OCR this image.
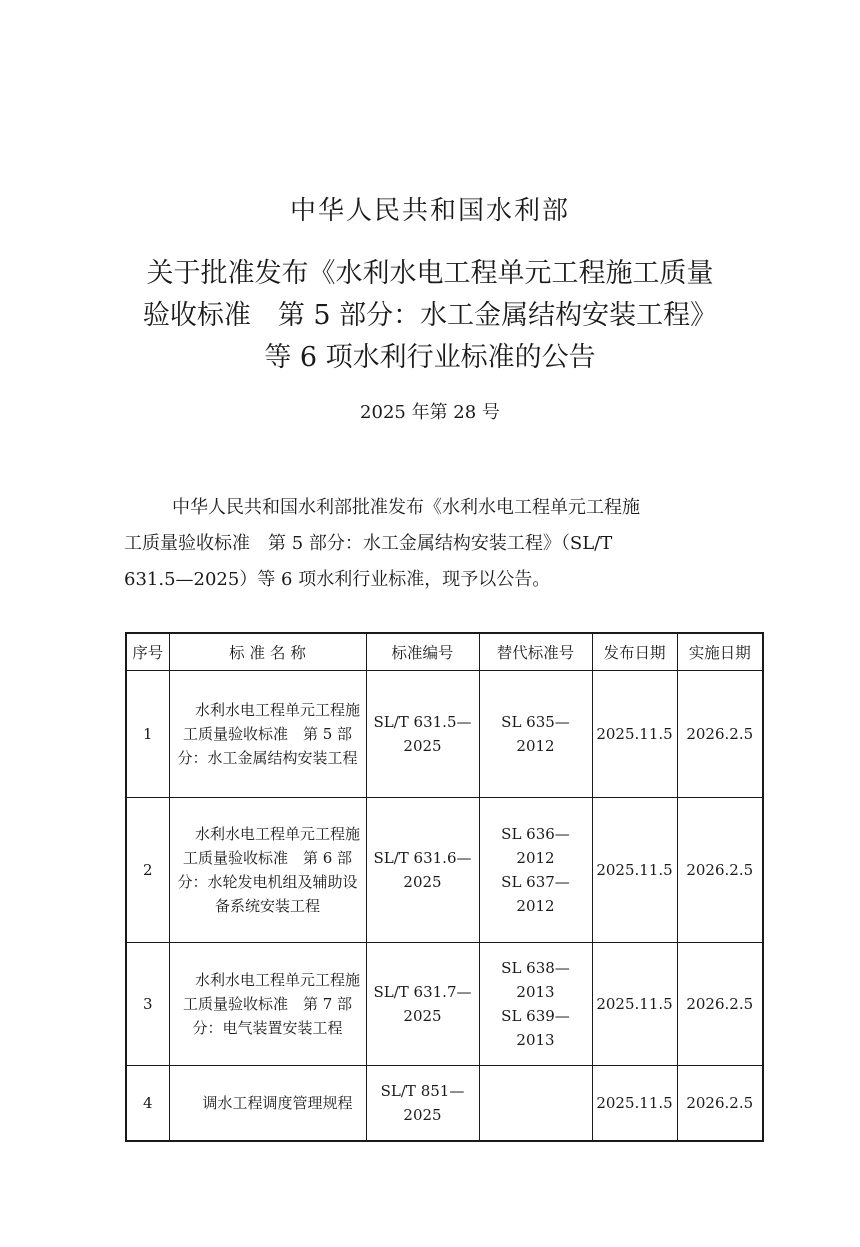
中华人民共和国水利部
关于批准发布《水利水电工程单元工程施工质量
验收标准　第 5 部分：水工金属结构安装工程》
等 6 项水利行业标准的公告
2025 年第 28 号
中华人民共和国水利部批准发布《水利水电工程单元工程施
工质量验收标准　第 5 部分：水工金属结构安装工程》（SL/T
631.5—2025）等 6 项水利行业标准，现予以公告。
序号	标 准 名 称	标准编号	替代标准号	发布日期	实施日期
1	水利水电工程单元工程施工质量验收标准　第 5 部分：水工金属结构安装工程	SL/T 631.5—
2025	SL 635—2012	2025.11.5	2026.2.5
2	水利水电工程单元工程施工质量验收标准　第 6 部分：水轮发电机组及辅助设备系统安装工程	SL/T 631.6—
2025	SL 636—2012
SL 637—2012	2025.11.5	2026.2.5
3	水利水电工程单元工程施工质量验收标准　第 7 部分：电气装置安装工程	SL/T 631.7—
2025	SL 638—2013
SL 639—2013	2025.11.5	2026.2.5
4	调水工程调度管理规程	SL/T 851—
2025		2025.11.5	2026.2.5
